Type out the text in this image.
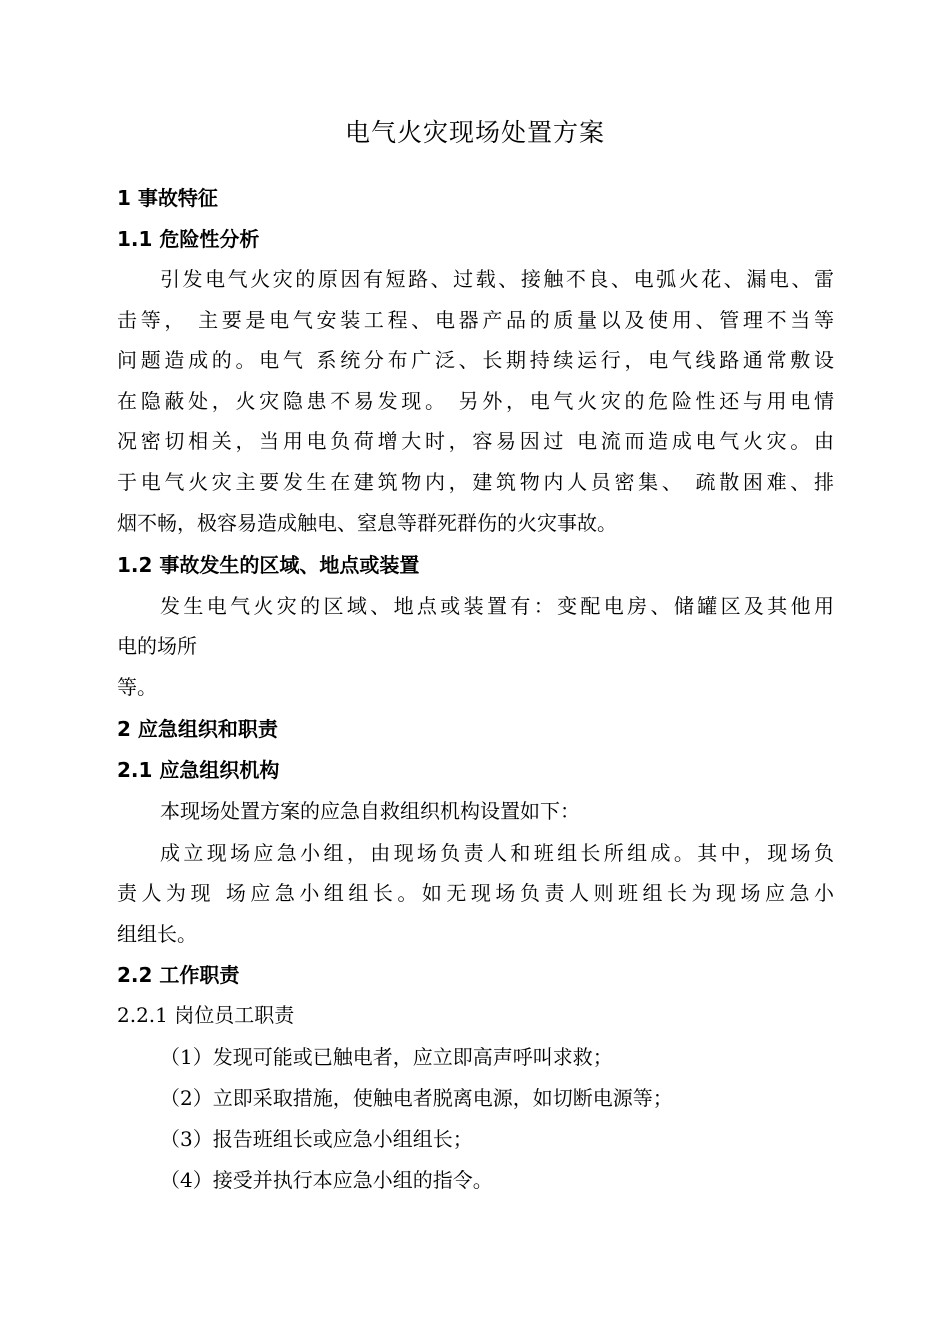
电气火灾现场处置方案
1 事故特征
1.1 危险性分析
引发电气火灾的原因有短路、过载、接触不良、电弧火花、漏电、雷
击等， 主要是电气安装工程、电器产品的质量以及使用、管理不当等
问题造成的。电气 系统分布广泛、长期持续运行，电气线路通常敷设
在隐蔽处，火灾隐患不易发现。 另外，电气火灾的危险性还与用电情
况密切相关，当用电负荷增大时，容易因过 电流而造成电气火灾。由
于电气火灾主要发生在建筑物内，建筑物内人员密集、 疏散困难、排
烟不畅，极容易造成触电、窒息等群死群伤的火灾事故。
1.2 事故发生的区域、地点或装置
发生电气火灾的区域、地点或装置有：变配电房、储罐区及其他用
电的场所
等。
2 应急组织和职责
2.1 应急组织机构
本现场处置方案的应急自救组织机构设置如下：
成立现场应急小组，由现场负责人和班组长所组成。其中，现场负
责人为现 场应急小组组长。如无现场负责人则班组长为现场应急小
组组长。
2.2 工作职责
2.2.1 岗位员工职责
（1）发现可能或已触电者，应立即高声呼叫求救；
（2）立即采取措施，使触电者脱离电源，如切断电源等；
（3）报告班组长或应急小组组长；
（4）接受并执行本应急小组的指令。
